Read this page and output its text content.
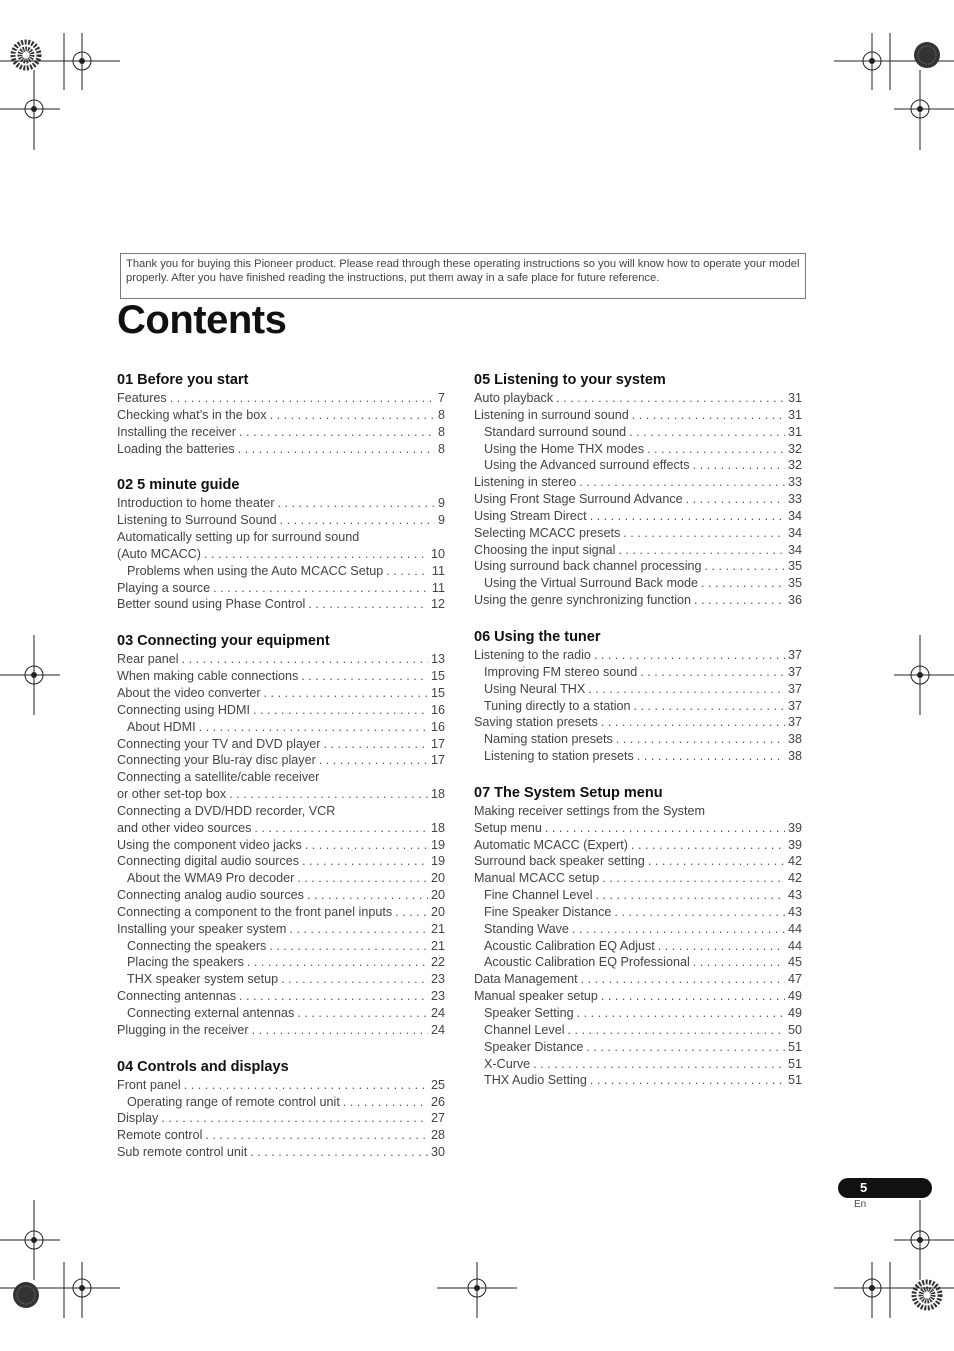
Thank you for buying this Pioneer product. Please read through these operating instructions so you will know how to operate your model properly. After you have finished reading the instructions, put them away in a safe place for future reference.
Contents
01 Before you start
Features . . .	7
Checking what’s in the box . . .	8
Installing the receiver . . .	8
Loading the batteries . . .	8
02 5 minute guide
Introduction to home theater . . .	9
Listening to Surround Sound . . .	9
Automatically setting up for surround sound
(Auto MCACC) . . .	10
Problems when using the Auto MCACC Setup . . .	11
Playing a source . . .	11
Better sound using Phase Control . . .	12
03 Connecting your equipment
Rear panel . . .	13
When making cable connections . . .	15
About the video converter . . .	15
Connecting using HDMI . . .	16
About HDMI . . .	16
Connecting your TV and DVD player . . .	17
Connecting your Blu-ray disc player . . .	17
Connecting a satellite/cable receiver
or other set-top box . . .	18
Connecting a DVD/HDD recorder, VCR
and other video sources . . .	18
Using the component video jacks . . .	19
Connecting digital audio sources . . .	19
About the WMA9 Pro decoder . . .	20
Connecting analog audio sources . . .	20
Connecting a component to the front panel inputs . . .	20
Installing your speaker system . . .	21
Connecting the speakers . . .	21
Placing the speakers . . .	22
THX speaker system setup . . .	23
Connecting antennas . . .	23
Connecting external antennas . . .	24
Plugging in the receiver . . .	24
04 Controls and displays
Front panel . . .	25
Operating range of remote control unit . . .	26
Display . . .	27
Remote control . . .	28
Sub remote control unit . . .	30
05 Listening to your system
Auto playback . . .	31
Listening in surround sound . . .	31
Standard surround sound . . .	31
Using the Home THX modes . . .	32
Using the Advanced surround effects . . .	32
Listening in stereo . . .	33
Using Front Stage Surround Advance . . .	33
Using Stream Direct . . .	34
Selecting MCACC presets . . .	34
Choosing the input signal . . .	34
Using surround back channel processing . . .	35
Using the Virtual Surround Back mode . . .	35
Using the genre synchronizing function . . .	36
06 Using the tuner
Listening to the radio . . .	37
Improving FM stereo sound . . .	37
Using Neural THX . . .	37
Tuning directly to a station . . .	37
Saving station presets . . .	37
Naming station presets . . .	38
Listening to station presets . . .	38
07 The System Setup menu
Making receiver settings from the System
Setup menu . . .	39
Automatic MCACC (Expert) . . .	39
Surround back speaker setting . . .	42
Manual MCACC setup . . .	42
Fine Channel Level . . .	43
Fine Speaker Distance . . .	43
Standing Wave . . .	44
Acoustic Calibration EQ Adjust . . .	44
Acoustic Calibration EQ Professional . . .	45
Data Management . . .	47
Manual speaker setup . . .	49
Speaker Setting . . .	49
Channel Level . . .	50
Speaker Distance . . .	51
X-Curve . . .	51
THX Audio Setting . . .	51
5
En
